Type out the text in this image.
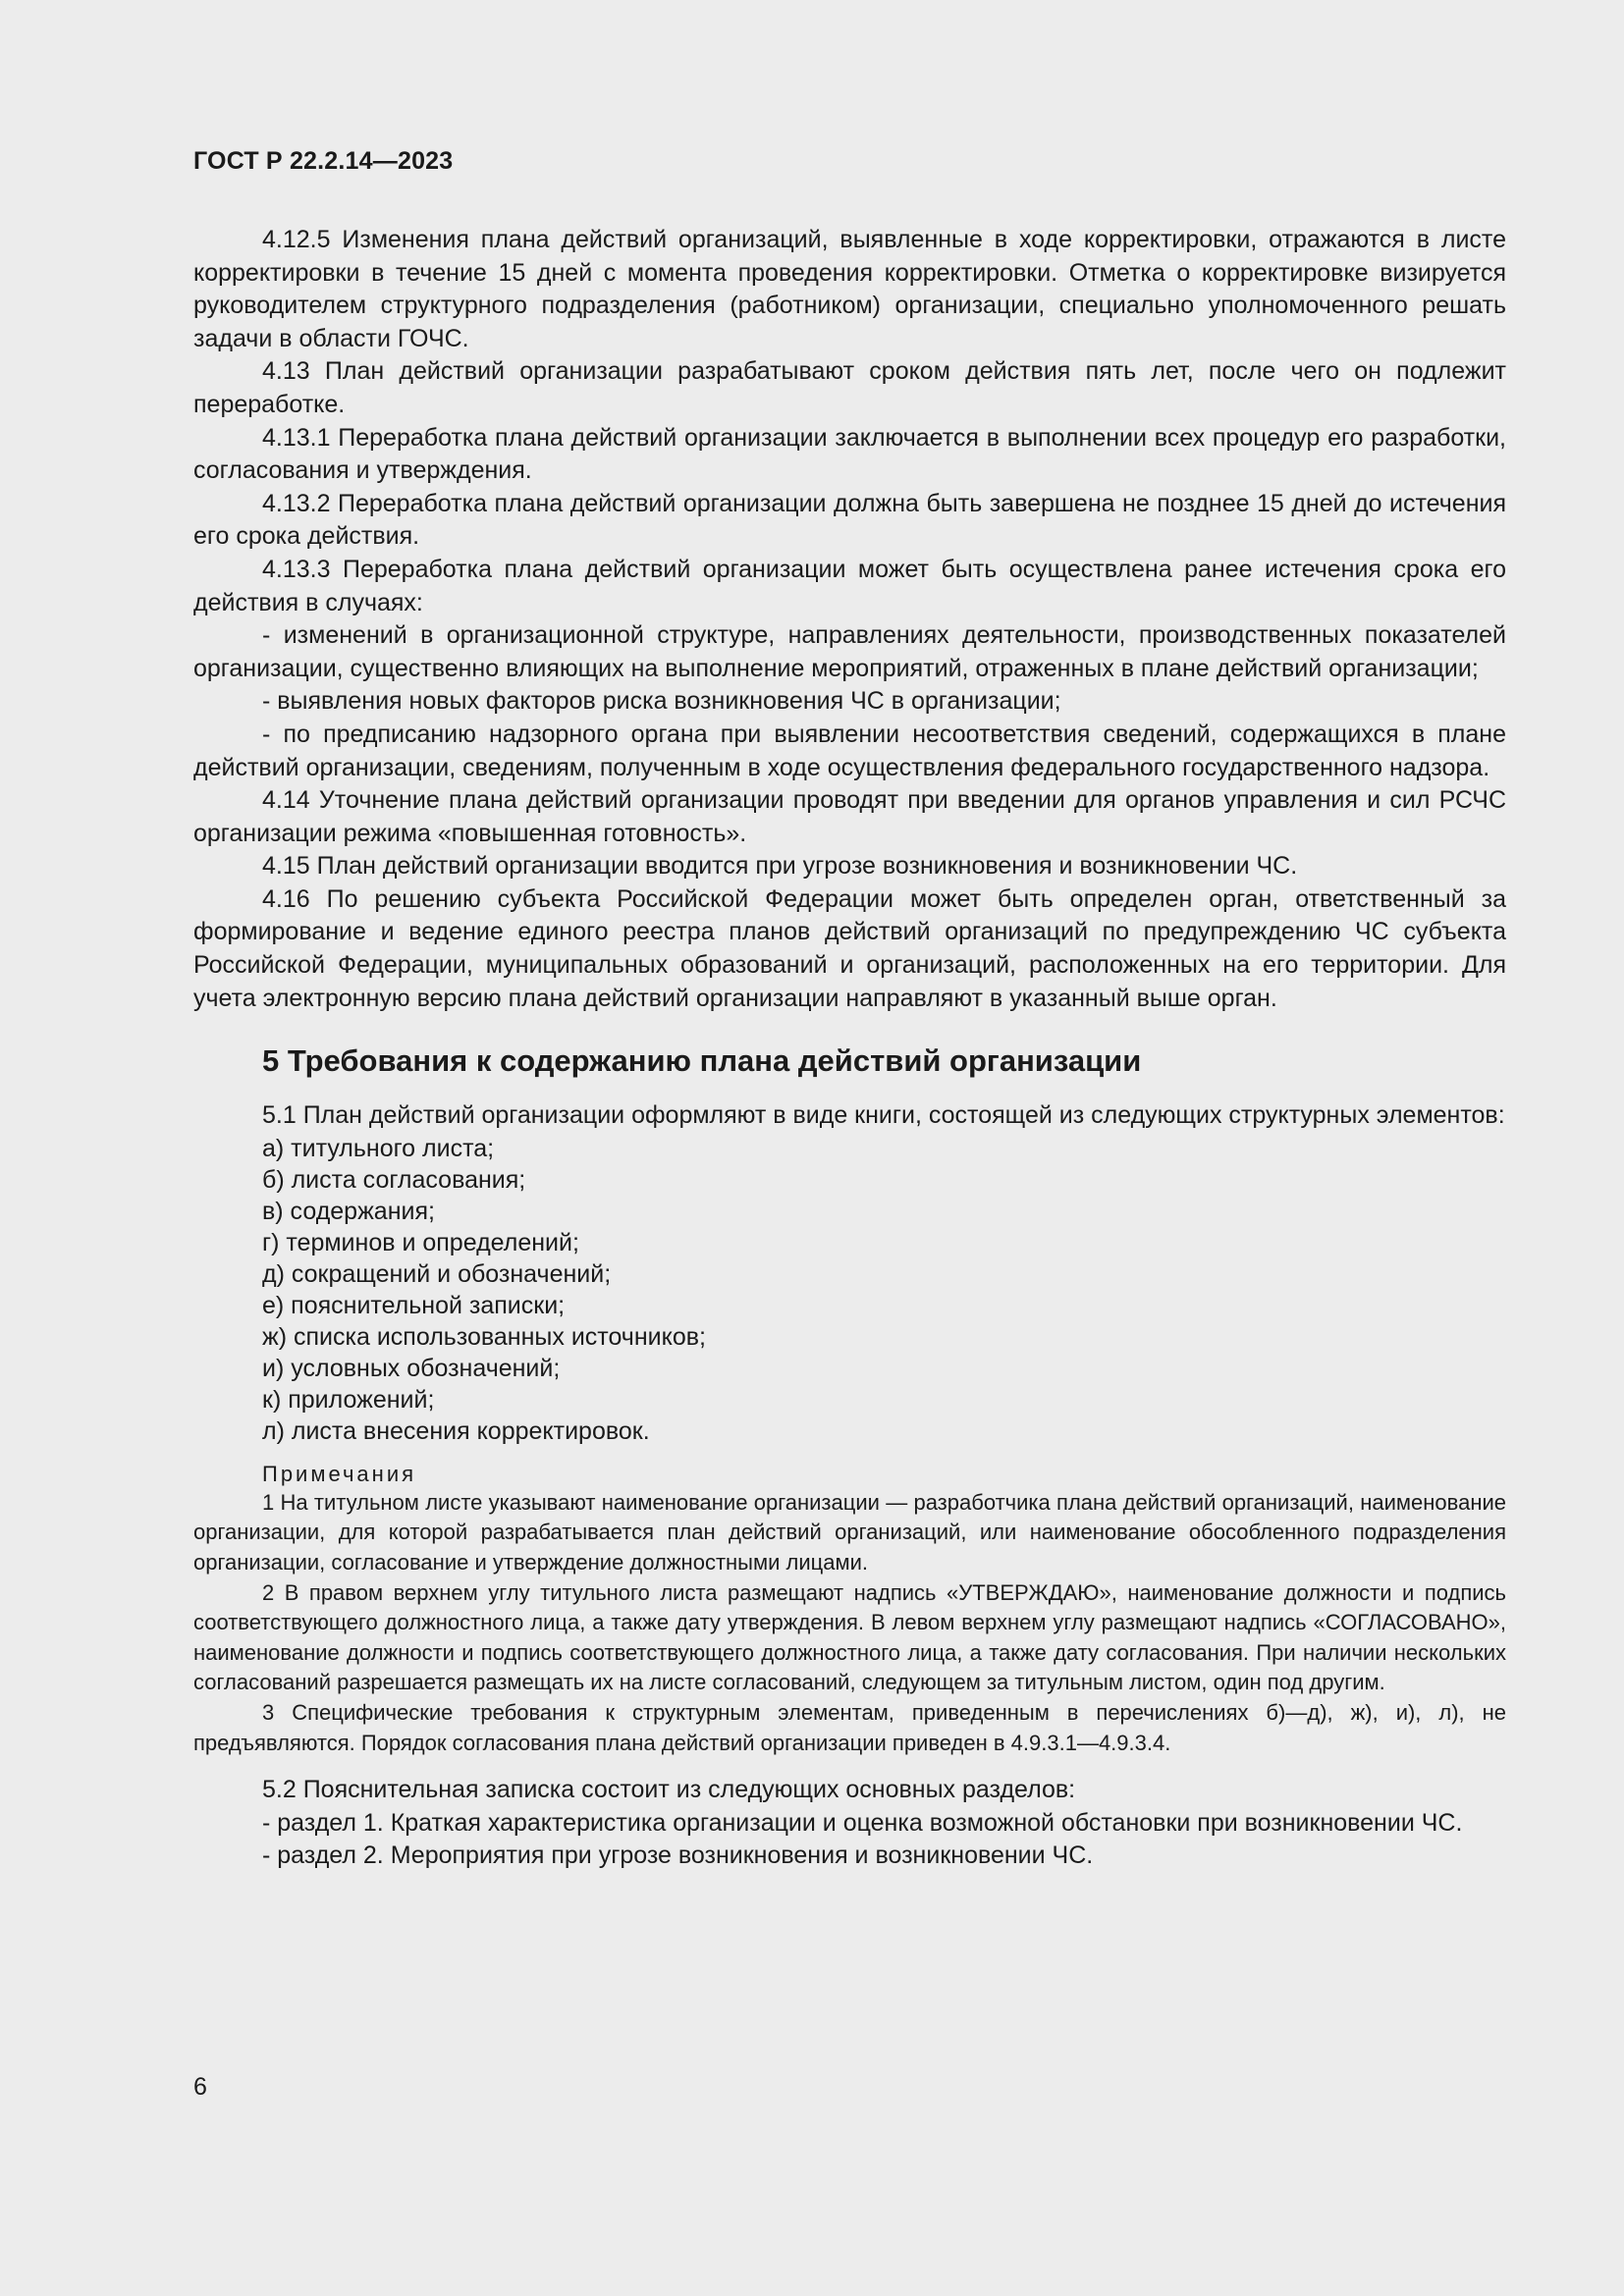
ГОСТ Р 22.2.14—2023

4.12.5 Изменения плана действий организаций, выявленные в ходе корректировки, отражаются в листе корректировки в течение 15 дней с момента проведения корректировки. Отметка о корректировке визируется руководителем структурного подразделения (работником) организации, специально уполномоченного решать задачи в области ГОЧС.

4.13 План действий организации разрабатывают сроком действия пять лет, после чего он подлежит переработке.

4.13.1 Переработка плана действий организации заключается в выполнении всех процедур его разработки, согласования и утверждения.

4.13.2 Переработка плана действий организации должна быть завершена не позднее 15 дней до истечения его срока действия.

4.13.3 Переработка плана действий организации может быть осуществлена ранее истечения срока его действия в случаях:

- изменений в организационной структуре, направлениях деятельности, производственных показателей организации, существенно влияющих на выполнение мероприятий, отраженных в плане действий организации;

- выявления новых факторов риска возникновения ЧС в организации;

- по предписанию надзорного органа при выявлении несоответствия сведений, содержащихся в плане действий организации, сведениям, полученным в ходе осуществления федерального государственного надзора.

4.14 Уточнение плана действий организации проводят при введении для органов управления и сил РСЧС организации режима «повышенная готовность».

4.15 План действий организации вводится при угрозе возникновения и возникновении ЧС.

4.16 По решению субъекта Российской Федерации может быть определен орган, ответственный за формирование и ведение единого реестра планов действий организаций по предупреждению ЧС субъекта Российской Федерации, муниципальных образований и организаций, расположенных на его территории. Для учета электронную версию плана действий организации направляют в указанный выше орган.

5 Требования к содержанию плана действий организации

5.1 План действий организации оформляют в виде книги, состоящей из следующих структурных элементов:

а) титульного листа;

б) листа согласования;

в) содержания;

г) терминов и определений;

д) сокращений и обозначений;

е) пояснительной записки;

ж) списка использованных источников;

и) условных обозначений;

к) приложений;

л) листа внесения корректировок.

Примечания

1 На титульном листе указывают наименование организации — разработчика плана действий организаций, наименование организации, для которой разрабатывается план действий организаций, или наименование обособленного подразделения организации, согласование и утверждение должностными лицами.

2 В правом верхнем углу титульного листа размещают надпись «УТВЕРЖДАЮ», наименование должности и подпись соответствующего должностного лица, а также дату утверждения. В левом верхнем углу размещают надпись «СОГЛАСОВАНО», наименование должности и подпись соответствующего должностного лица, а также дату согласования. При наличии нескольких согласований разрешается размещать их на листе согласований, следующем за титульным листом, один под другим.

3 Специфические требования к структурным элементам, приведенным в перечислениях б)—д), ж), и), л), не предъявляются. Порядок согласования плана действий организации приведен в 4.9.3.1—4.9.3.4.

5.2 Пояснительная записка состоит из следующих основных разделов:

- раздел 1. Краткая характеристика организации и оценка возможной обстановки при возникновении ЧС.

- раздел 2. Мероприятия при угрозе возникновения и возникновении ЧС.

6
